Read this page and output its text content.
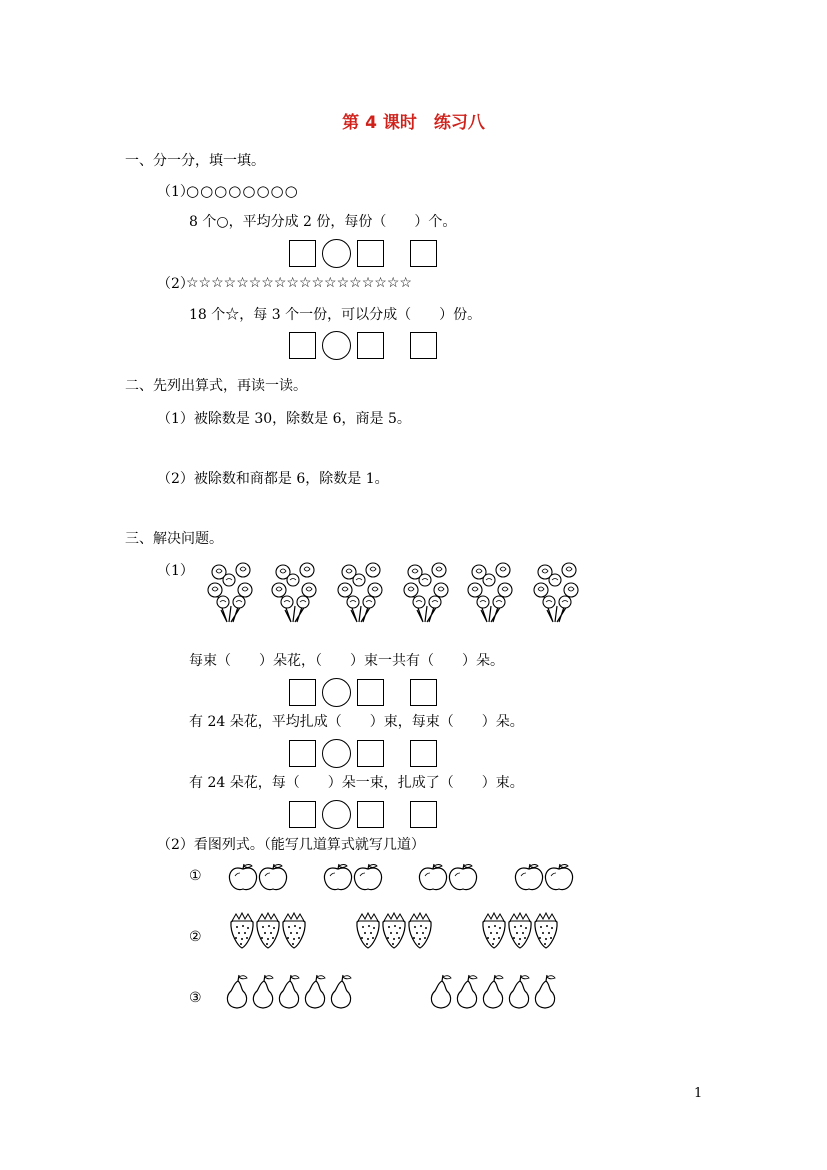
第 4 课时　练习八
一、分一分，填一填。
（1）
○○○○○○○○
8 个○，平均分成 2 份，每份（　　）个。
（2）
☆☆☆☆☆☆☆☆☆☆☆☆☆☆☆☆☆☆
18 个☆，每 3 个一份，可以分成（　　）份。
二、先列出算式，再读一读。
（1）被除数是 30，除数是 6，商是 5。
（2）被除数和商都是 6，除数是 1。
三、解决问题。
（1）
每束（　　）朵花，（　　）束一共有（　　）朵。
有 24 朵花，平均扎成（　　）束，每束（　　）朵。
有 24 朵花，每（　　）朵一束，扎成了（　　）束。
（2）看图列式。（能写几道算式就写几道）
①
②
③
1
